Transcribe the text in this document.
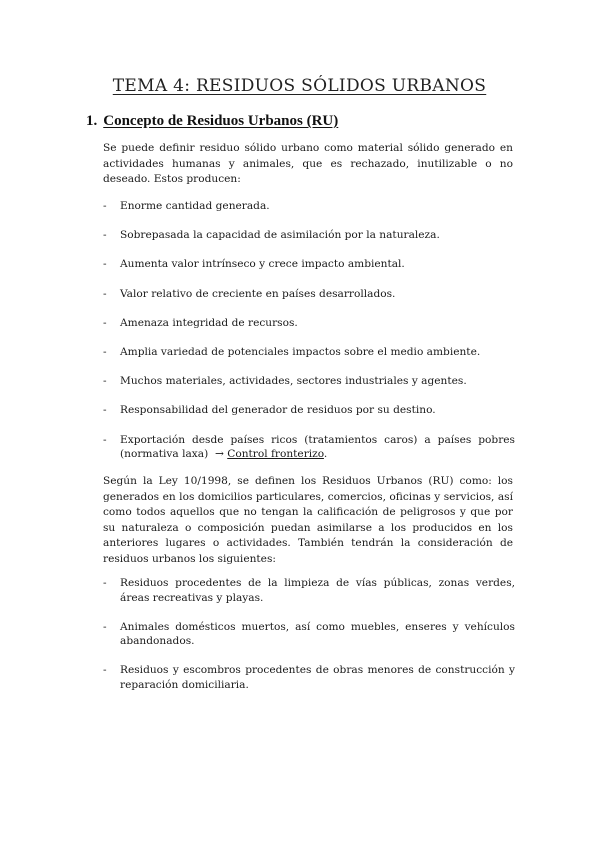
TEMA 4: RESIDUOS SÓLIDOS URBANOS
1. Concepto de Residuos Urbanos (RU)

Se puede definir residuo sólido urbano como material sólido generado en actividades humanas y animales, que es rechazado, inutilizable o no deseado. Estos producen:

- Enorme cantidad generada.
- Sobrepasada la capacidad de asimilación por la naturaleza.
- Aumenta valor intrínseco y crece impacto ambiental.
- Valor relativo de creciente en países desarrollados.
- Amenaza integridad de recursos.
- Amplia variedad de potenciales impactos sobre el medio ambiente.
- Muchos materiales, actividades, sectores industriales y agentes.
- Responsabilidad del generador de residuos por su destino.
- Exportación desde países ricos (tratamientos caros) a países pobres (normativa laxa) → Control fronterizo.

Según la Ley 10/1998, se definen los Residuos Urbanos (RU) como: los generados en los domicilios particulares, comercios, oficinas y servicios, así como todos aquellos que no tengan la calificación de peligrosos y que por su naturaleza o composición puedan asimilarse a los producidos en los anteriores lugares o actividades. También tendrán la consideración de residuos urbanos los siguientes:

- Residuos procedentes de la limpieza de vías públicas, zonas verdes, áreas recreativas y playas.
- Animales domésticos muertos, así como muebles, enseres y vehículos abandonados.
- Residuos y escombros procedentes de obras menores de construcción y reparación domiciliaria.
